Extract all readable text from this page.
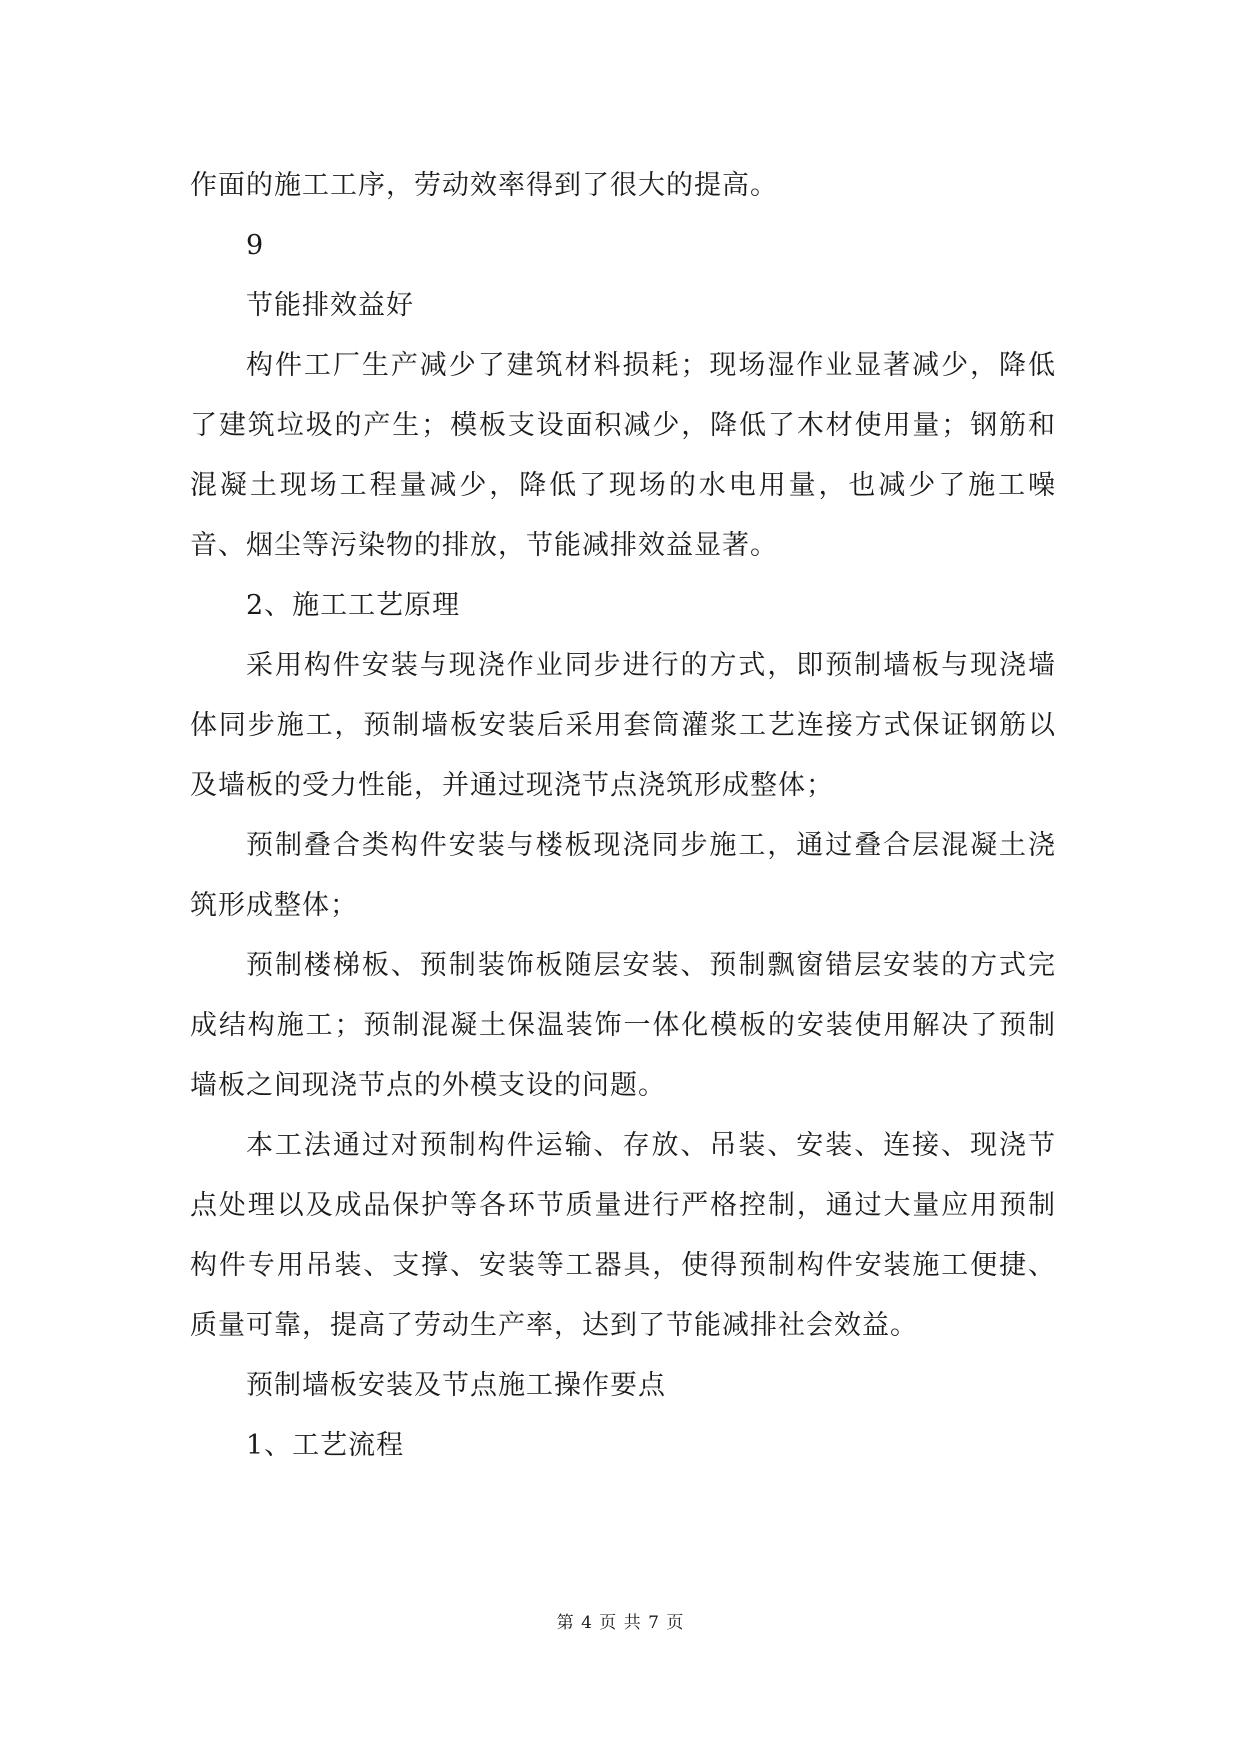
作面的施工工序，劳动效率得到了很大的提高。

9

节能排效益好

构件工厂生产减少了建筑材料损耗；现场湿作业显著减少，降低了建筑垃圾的产生；模板支设面积减少，降低了木材使用量；钢筋和混凝土现场工程量减少，降低了现场的水电用量，也减少了施工噪音、烟尘等污染物的排放，节能减排效益显著。

2、施工工艺原理

采用构件安装与现浇作业同步进行的方式，即预制墙板与现浇墙体同步施工，预制墙板安装后采用套筒灌浆工艺连接方式保证钢筋以及墙板的受力性能，并通过现浇节点浇筑形成整体；

预制叠合类构件安装与楼板现浇同步施工，通过叠合层混凝土浇筑形成整体；

预制楼梯板、预制装饰板随层安装、预制飘窗错层安装的方式完成结构施工；预制混凝土保温装饰一体化模板的安装使用解决了预制墙板之间现浇节点的外模支设的问题。

本工法通过对预制构件运输、存放、吊装、安装、连接、现浇节点处理以及成品保护等各环节质量进行严格控制，通过大量应用预制构件专用吊装、支撑、安装等工器具，使得预制构件安装施工便捷、质量可靠，提高了劳动生产率，达到了节能减排社会效益。

预制墙板安装及节点施工操作要点

1、工艺流程

第 4 页 共 7 页
